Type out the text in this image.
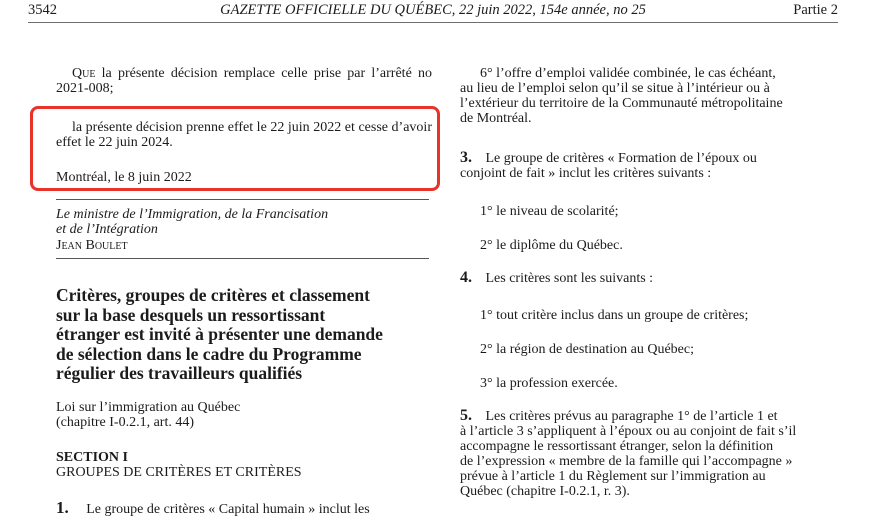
3542	GAZETTE OFFICIELLE DU QUÉBEC, 22 juin 2022, 154e année, no 25	Partie 2

Que la présente décision remplace celle prise par l’arrêté no 2021-008;

la présente décision prenne effet le 22 juin 2022 et cesse d’avoir effet le 22 juin 2024.

Montréal, le 8 juin 2022
Le ministre de l’Immigration, de la Francisation
et de l’Intégration
Jean Boulet
Critères, groupes de critères et classement
sur la base desquels un ressortissant
étranger est invité à présenter une demande
de sélection dans le cadre du Programme
régulier des travailleurs qualifiés
Loi sur l’immigration au Québec
(chapitre I-0.2.1, art. 44)
SECTION I
GROUPES DE CRITÈRES ET CRITÈRES
1. Le groupe de critères « Capital humain » inclut les
6° l’offre d’emploi validée combinée, le cas échéant,
au lieu de l’emploi selon qu’il se situe à l’intérieur ou à
l’extérieur du territoire de la Communauté métropolitaine
de Montréal.
3. Le groupe de critères « Formation de l’époux ou
conjoint de fait » inclut les critères suivants :
1° le niveau de scolarité;
2° le diplôme du Québec.
4. Les critères sont les suivants :
1° tout critère inclus dans un groupe de critères;
2° la région de destination au Québec;
3° la profession exercée.
5. Les critères prévus au paragraphe 1° de l’article 1 et
à l’article 3 s’appliquent à l’époux ou au conjoint de fait s’il
accompagne le ressortissant étranger, selon la définition
de l’expression « membre de la famille qui l’accompagne »
prévue à l’article 1 du Règlement sur l’immigration au
Québec (chapitre I-0.2.1, r. 3).
